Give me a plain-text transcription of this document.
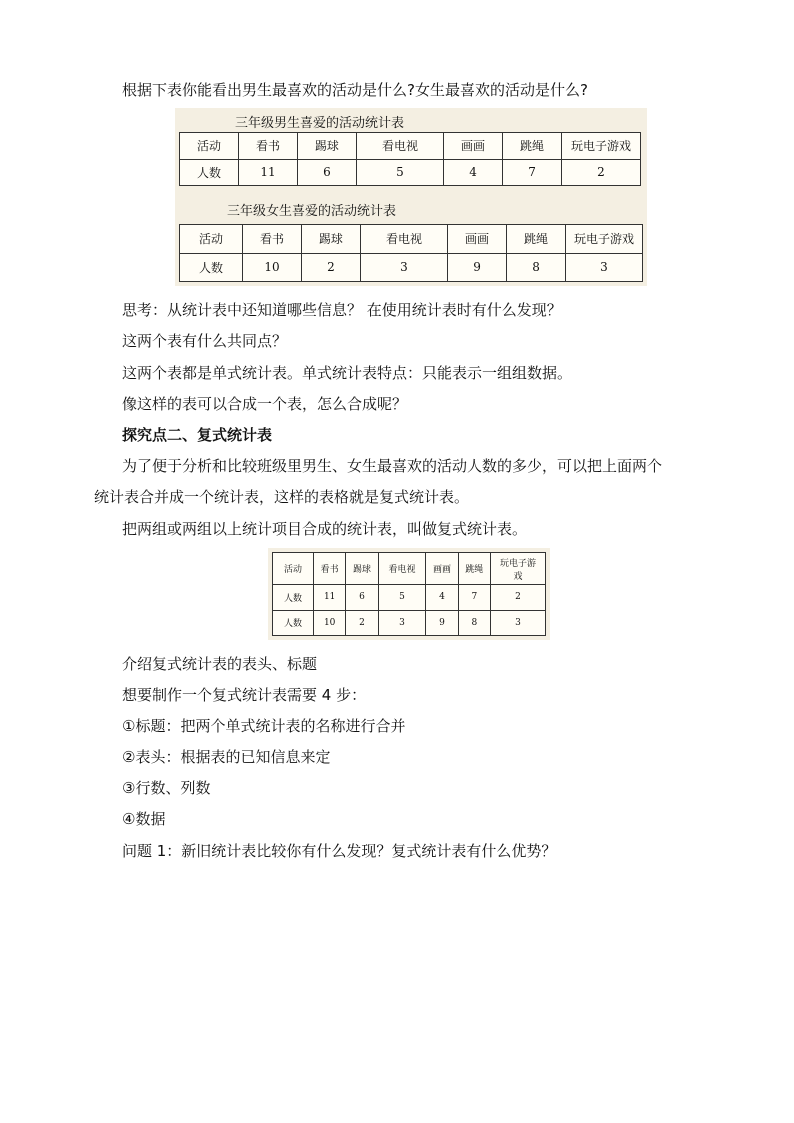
根据下表你能看出男生最喜欢的活动是什么?女生最喜欢的活动是什么?
三年级男生喜爱的活动统计表
活动	看书	踢球	看电视	画画	跳绳	玩电子游戏
人数	11	6	5	4	7	2
三年级女生喜爱的活动统计表
活动	看书	踢球	看电视	画画	跳绳	玩电子游戏
人数	10	2	3	9	8	3
思考：从统计表中还知道哪些信息？ 在使用统计表时有什么发现？
这两个表有什么共同点？
这两个表都是单式统计表。单式统计表特点：只能表示一组组数据。
像这样的表可以合成一个表，怎么合成呢？
探究点二、复式统计表
为了便于分析和比较班级里男生、女生最喜欢的活动人数的多少，可以把上面两个
统计表合并成一个统计表，这样的表格就是复式统计表。
把两组或两组以上统计项目合成的统计表，叫做复式统计表。
活动	看书	踢球	看电视	画画	跳绳	玩电子游戏
人数	11	6	5	4	7	2
人数	10	2	3	9	8	3
介绍复式统计表的表头、标题
想要制作一个复式统计表需要 4 步：
①标题：把两个单式统计表的名称进行合并
②表头：根据表的已知信息来定
③行数、列数
④数据
问题 1：新旧统计表比较你有什么发现？复式统计表有什么优势？
